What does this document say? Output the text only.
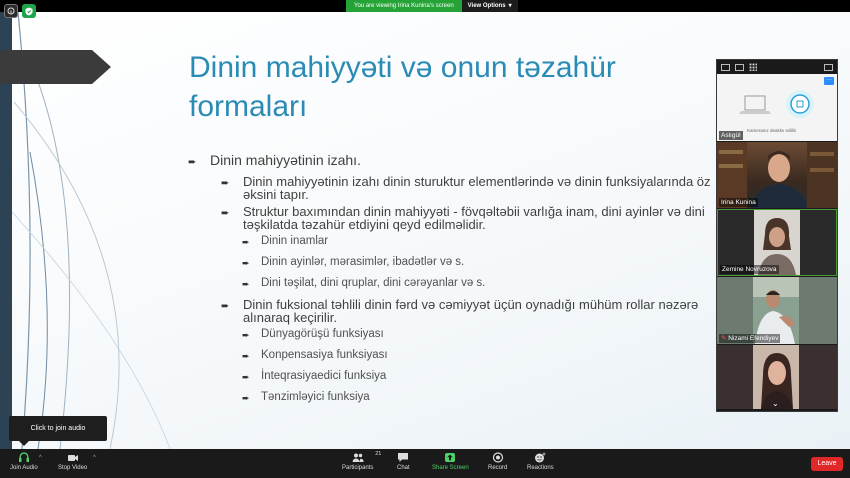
You are viewing Irina Kunina's screen	View Options ▾
Dinin mahiyyəti və onun təzahür formaları
➨ Dinin mahiyyətinin izahı.
➨	Dinin mahiyyətinin izahı dinin sturuktur elementlərində və dinin funksiyalarında öz əksini tapır.
➨	Struktur baxımından dinin mahiyyəti - fövqəltəbii varlığa inam, dini ayinlər və dini təşkilatda təzahür etdiyini qeyd edilməlidir.
➨ Dinin inamlar
➨ Dinin ayinlər, mərasimlər, ibadətlər və s.
➨ Dini təşilat, dini qruplar, dini cərəyanlar və s.
➨	Dinin fuksional təhlili dinin fərd və cəmiyyət üçün oynadığı mühüm rollar nəzərə alınaraq keçirilir.
➨ Dünyagörüşü funksiyası
➨ Konpensasiya funksiyası
➨ İnteqrasiyaedici funksiya
➨ Tənzimləyici funksiya
···
Kameranız deaktiv edilib
Aslıgül
Irina Kunina
Zemine Novruzova
✎ Nizami Efendiyev
⌄
Click to join audio
Join Audio
^
Stop Video
^
Participants
21
Chat	Share Screen	Record	Reactions
Leave
